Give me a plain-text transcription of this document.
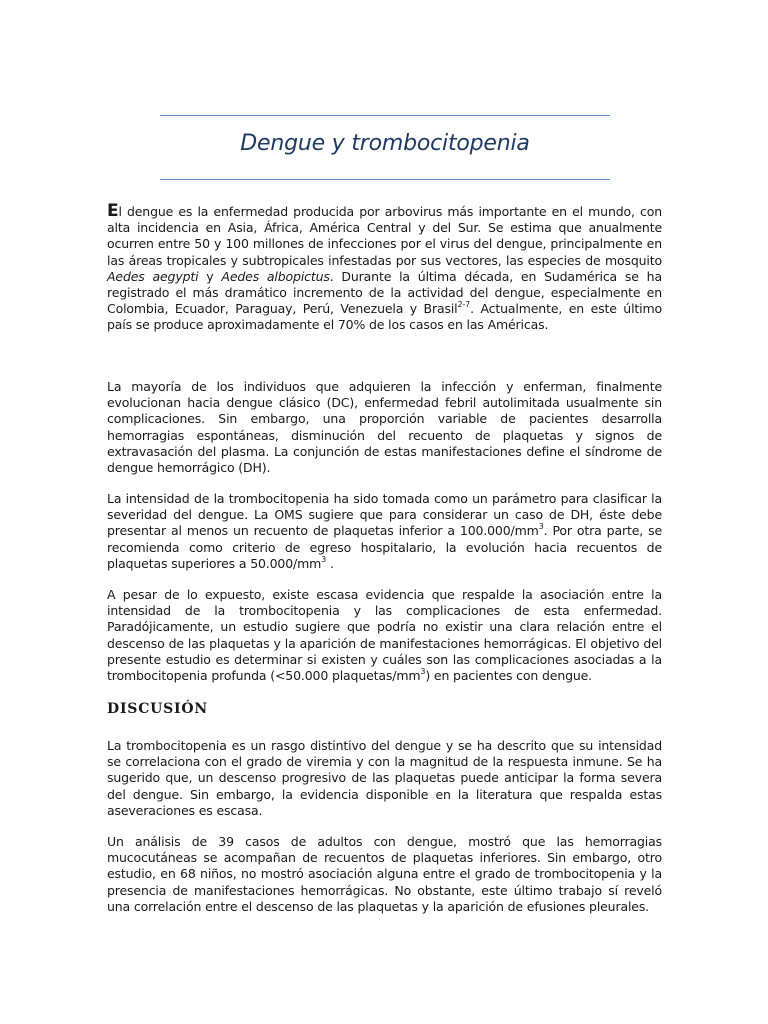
Dengue y trombocitopenia
El dengue es la enfermedad producida por arbovirus más importante en el mundo, con alta incidencia en Asia, África, América Central y del Sur. Se estima que anualmente ocurren entre 50 y 100 millones de infecciones por el virus del dengue, principalmente en las áreas tropicales y subtropicales infestadas por sus vectores, las especies de mosquito Aedes aegypti y Aedes albopictus. Durante la última década, en Sudamérica se ha registrado el más dramático incremento de la actividad del dengue, especialmente en Colombia, Ecuador, Paraguay, Perú, Venezuela y Brasil$^{2-7}$. Actualmente, en este último país se produce aproximadamente el 70% de los casos en las Américas.
La mayoría de los individuos que adquieren la infección y enferman, finalmente evolucionan hacia dengue clásico (DC), enfermedad febril autolimitada usualmente sin complicaciones. Sin embargo, una proporción variable de pacientes desarrolla hemorragias espontáneas, disminución del recuento de plaquetas y signos de extravasación del plasma. La conjunción de estas manifestaciones define el síndrome de dengue hemorrágico (DH).
La intensidad de la trombocitopenia ha sido tomada como un parámetro para clasificar la severidad del dengue. La OMS sugiere que para considerar un caso de DH, éste debe presentar al menos un recuento de plaquetas inferior a $100.000/mm^3$. Por otra parte, se recomienda como criterio de egreso hospitalario, la evolución hacia recuentos de plaquetas superiores a $50.000/mm^3$ .
A pesar de lo expuesto, existe escasa evidencia que respalde la asociación entre la intensidad de la trombocitopenia y las complicaciones de esta enfermedad. Paradójicamente, un estudio sugiere que podría no existir una clara relación entre el descenso de las plaquetas y la aparición de manifestaciones hemorrágicas. El objetivo del presente estudio es determinar si existen y cuáles son las complicaciones asociadas a la trombocitopenia profunda (<50.000 plaquetas/$mm^3$) en pacientes con dengue.
DISCUSIÓN
La trombocitopenia es un rasgo distintivo del dengue y se ha descrito que su intensidad se correlaciona con el grado de viremia y con la magnitud de la respuesta inmune. Se ha sugerido que, un descenso progresivo de las plaquetas puede anticipar la forma severa del dengue. Sin embargo, la evidencia disponible en la literatura que respalda estas aseveraciones es escasa.
Un análisis de 39 casos de adultos con dengue, mostró que las hemorragias mucocutáneas se acompañan de recuentos de plaquetas inferiores. Sin embargo, otro estudio, en 68 niños, no mostró asociación alguna entre el grado de trombocitopenia y la presencia de manifestaciones hemorrágicas. No obstante, este último trabajo sí reveló una correlación entre el descenso de las plaquetas y la aparición de efusiones pleurales.
